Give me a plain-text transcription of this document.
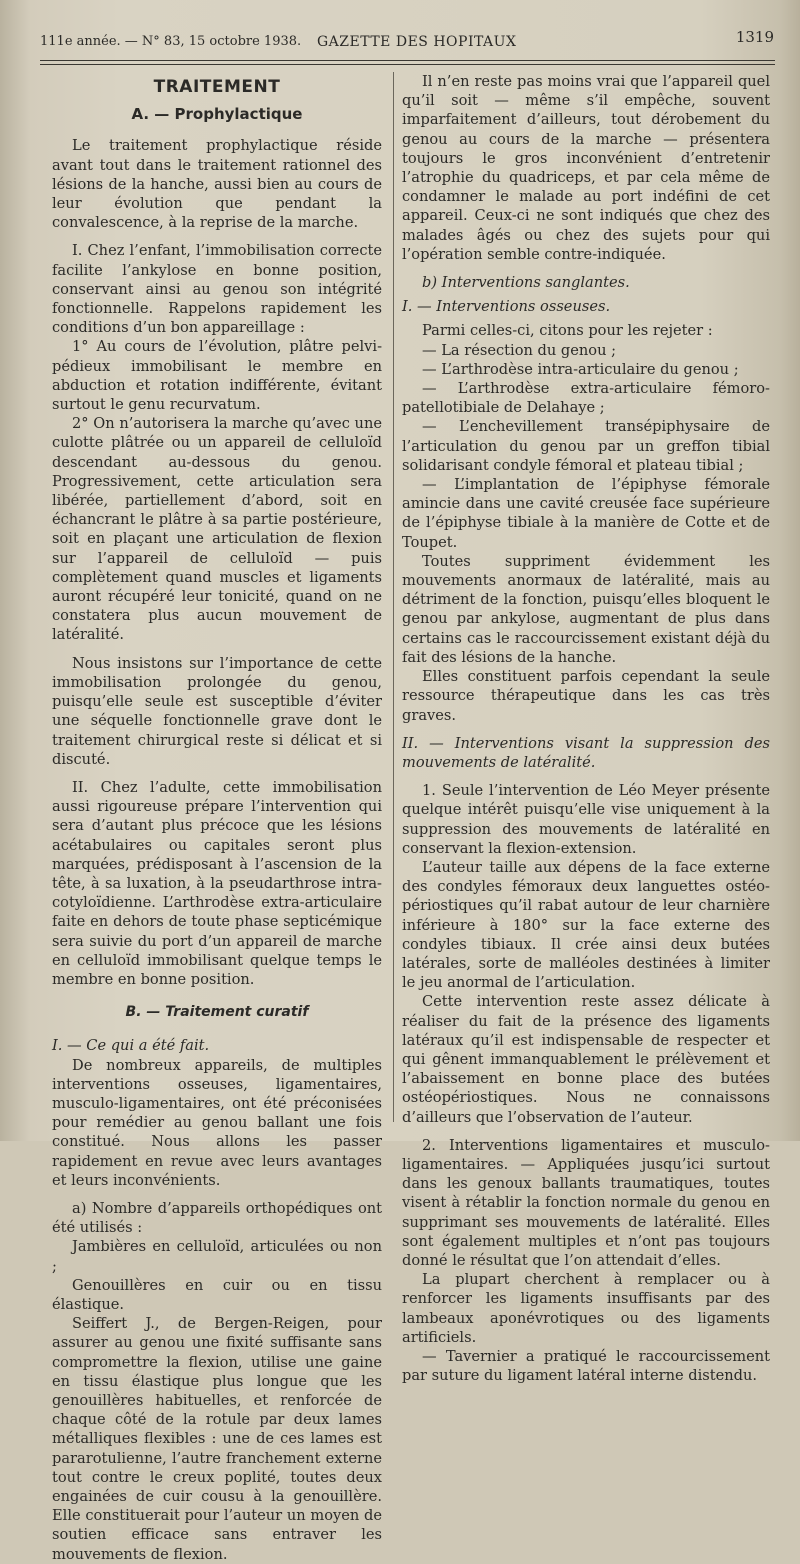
111e année. — N° 83, 15 octobre 1938. GAZETTE DES HOPITAUX	1319
TRAITEMENT
A. — Prophylactique

Le traitement prophylactique réside avant tout dans le traitement rationnel des lésions de la hanche, aussi bien au cours de leur évolution que pendant la convalescence, à la reprise de la marche.

I. Chez l’enfant, l’immobilisation correcte facilite l’ankylose en bonne position, conservant ainsi au genou son intégrité fonctionnelle. Rappelons rapidement les conditions d’un bon appareillage :

1° Au cours de l’évolution, plâtre pelvi-pédieux immobilisant le membre en abduction et rotation indifférente, évitant surtout le genu recurvatum.

2° On n’autorisera la marche qu’avec une culotte plâtrée ou un appareil de celluloïd descendant au-dessous du genou. Progressivement, cette articulation sera libérée, partiellement d’abord, soit en échancrant le plâtre à sa partie postérieure, soit en plaçant une articulation de flexion sur l’appareil de celluloïd — puis complètement quand muscles et ligaments auront récupéré leur tonicité, quand on ne constatera plus aucun mouvement de latéralité.

Nous insistons sur l’importance de cette immobilisation prolongée du genou, puisqu’elle seule est susceptible d’éviter une séquelle fonctionnelle grave dont le traitement chirurgical reste si délicat et si discuté.

II. Chez l’adulte, cette immobilisation aussi rigoureuse prépare l’intervention qui sera d’autant plus précoce que les lésions acétabulaires ou capitales seront plus marquées, prédisposant à l’ascension de la tête, à sa luxation, à la pseudarthrose intra-cotyloïdienne. L’arthrodèse extra-articulaire faite en dehors de toute phase septicémique sera suivie du port d’un appareil de marche en celluloïd immobilisant quelque temps le membre en bonne position.

B. — Traitement curatif

I. — Ce qui a été fait.

De nombreux appareils, de multiples interventions osseuses, ligamentaires, musculo-ligamentaires, ont été préconisées pour remédier au genou ballant une fois constitué. Nous allons les passer rapidement en revue avec leurs avantages et leurs inconvénients.

a) Nombre d’appareils orthopédiques ont été utilisés :

Jambières en celluloïd, articulées ou non ;

Genouillères en cuir ou en tissu élastique.

Seiffert J., de Bergen-Reigen, pour assurer au genou une fixité suffisante sans compromettre la flexion, utilise une gaine en tissu élastique plus longue que les genouillères habituelles, et renforcée de chaque côté de la rotule par deux lames métalliques flexibles : une de ces lames est pararotulienne, l’autre franchement externe tout contre le creux poplité, toutes deux engainées de cuir cousu à la genouillère. Elle constituerait pour l’auteur un moyen de soutien efficace sans entraver les mouvements de flexion.

Il n’en reste pas moins vrai que l’appareil quel qu’il soit — même s’il empêche, souvent imparfaitement d’ailleurs, tout dérobement du genou au cours de la marche — présentera toujours le gros inconvénient d’entretenir l’atrophie du quadriceps, et par cela même de condamner le malade au port indéfini de cet appareil. Ceux-ci ne sont indiqués que chez des malades âgés ou chez des sujets pour qui l’opération semble contre-indiquée.

b) Interventions sanglantes.

I. — Interventions osseuses.

Parmi celles-ci, citons pour les rejeter :

— La résection du genou ;

— L’arthrodèse intra-articulaire du genou ;

— L’arthrodèse extra-articulaire fémoro-patellotibiale de Delahaye ;

— L’enchevillement transépiphysaire de l’articulation du genou par un greffon tibial solidarisant condyle fémoral et plateau tibial ;

— L’implantation de l’épiphyse fémorale amincie dans une cavité creusée face supérieure de l’épiphyse tibiale à la manière de Cotte et de Toupet.

Toutes suppriment évidemment les mouvements anormaux de latéralité, mais au détriment de la fonction, puisqu’elles bloquent le genou par ankylose, augmentant de plus dans certains cas le raccourcissement existant déjà du fait des lésions de la hanche.

Elles constituent parfois cependant la seule ressource thérapeutique dans les cas très graves.

II. — Interventions visant la suppression des mouvements de latéralité.

1. Seule l’intervention de Léo Meyer présente quelque intérêt puisqu’elle vise uniquement à la suppression des mouvements de latéralité en conservant la flexion-extension.

L’auteur taille aux dépens de la face externe des condyles fémoraux deux languettes ostéo-périostiques qu’il rabat autour de leur charnière inférieure à 180° sur la face externe des condyles tibiaux. Il crée ainsi deux butées latérales, sorte de malléoles destinées à limiter le jeu anormal de l’articulation.

Cette intervention reste assez délicate à réaliser du fait de la présence des ligaments latéraux qu’il est indispensable de respecter et qui gênent immanquablement le prélèvement et l’abaissement en bonne place des butées ostéopériostiques. Nous ne connaissons d’ailleurs que l’observation de l’auteur.

2. Interventions ligamentaires et musculo-ligamentaires. — Appliquées jusqu’ici surtout dans les genoux ballants traumatiques, toutes visent à rétablir la fonction normale du genou en supprimant ses mouvements de latéralité. Elles sont également multiples et n’ont pas toujours donné le résultat que l’on attendait d’elles.

La plupart cherchent à remplacer ou à renforcer les ligaments insuffisants par des lambeaux aponévrotiques ou des ligaments artificiels.

— Tavernier a pratiqué le raccourcissement par suture du ligament latéral interne distendu.
